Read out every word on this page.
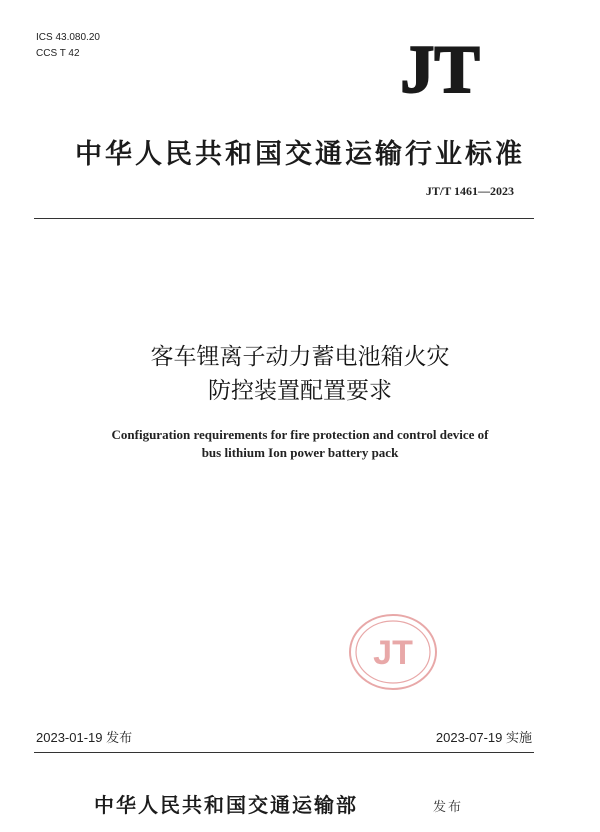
ICS 43.080.20
CCS T 42	JT
中华人民共和国交通运输行业标准
JT/T 1461—2023
客车锂离子动力蓄电池箱火灾
防控装置配置要求
Configuration requirements for fire protection and control device of
bus lithium Ion power battery pack
JT
2023-01-19 发布	2023-07-19 实施
中华人民共和国交通运输部	发布
